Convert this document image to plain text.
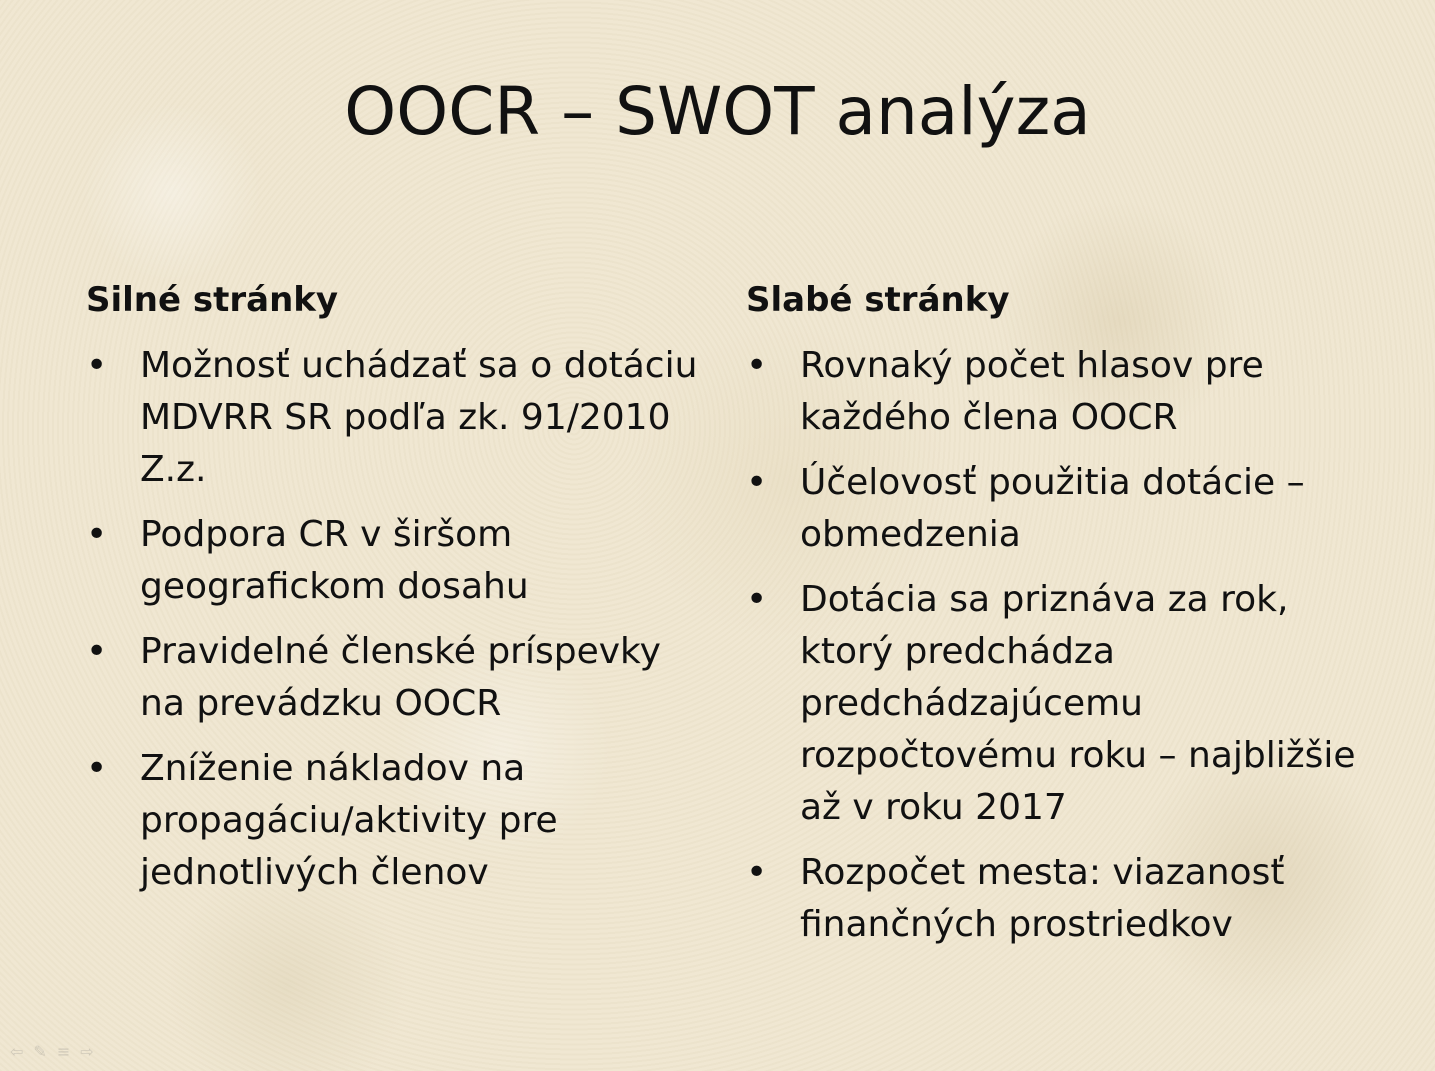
OOCR – SWOT analýza
Silné stránky
• Možnosť uchádzať sa o dotáciu MDVRR SR podľa zk. 91/2010 Z.z.
• Podpora CR v širšom geografickom dosahu
• Pravidelné členské príspevky na prevádzku OOCR
• Zníženie nákladov na propagáciu/aktivity pre jednotlivých členov
Slabé stránky
• Rovnaký počet hlasov pre každého člena OOCR
• Účelovosť použitia dotácie – obmedzenia
• Dotácia sa priznáva za rok, ktorý predchádza predchádzajúcemu rozpočtovému roku – najbližšie až v roku 2017
• Rozpočet mesta: viazanosť finančných prostriedkov
⇦ ✎ ≡ ⇨
